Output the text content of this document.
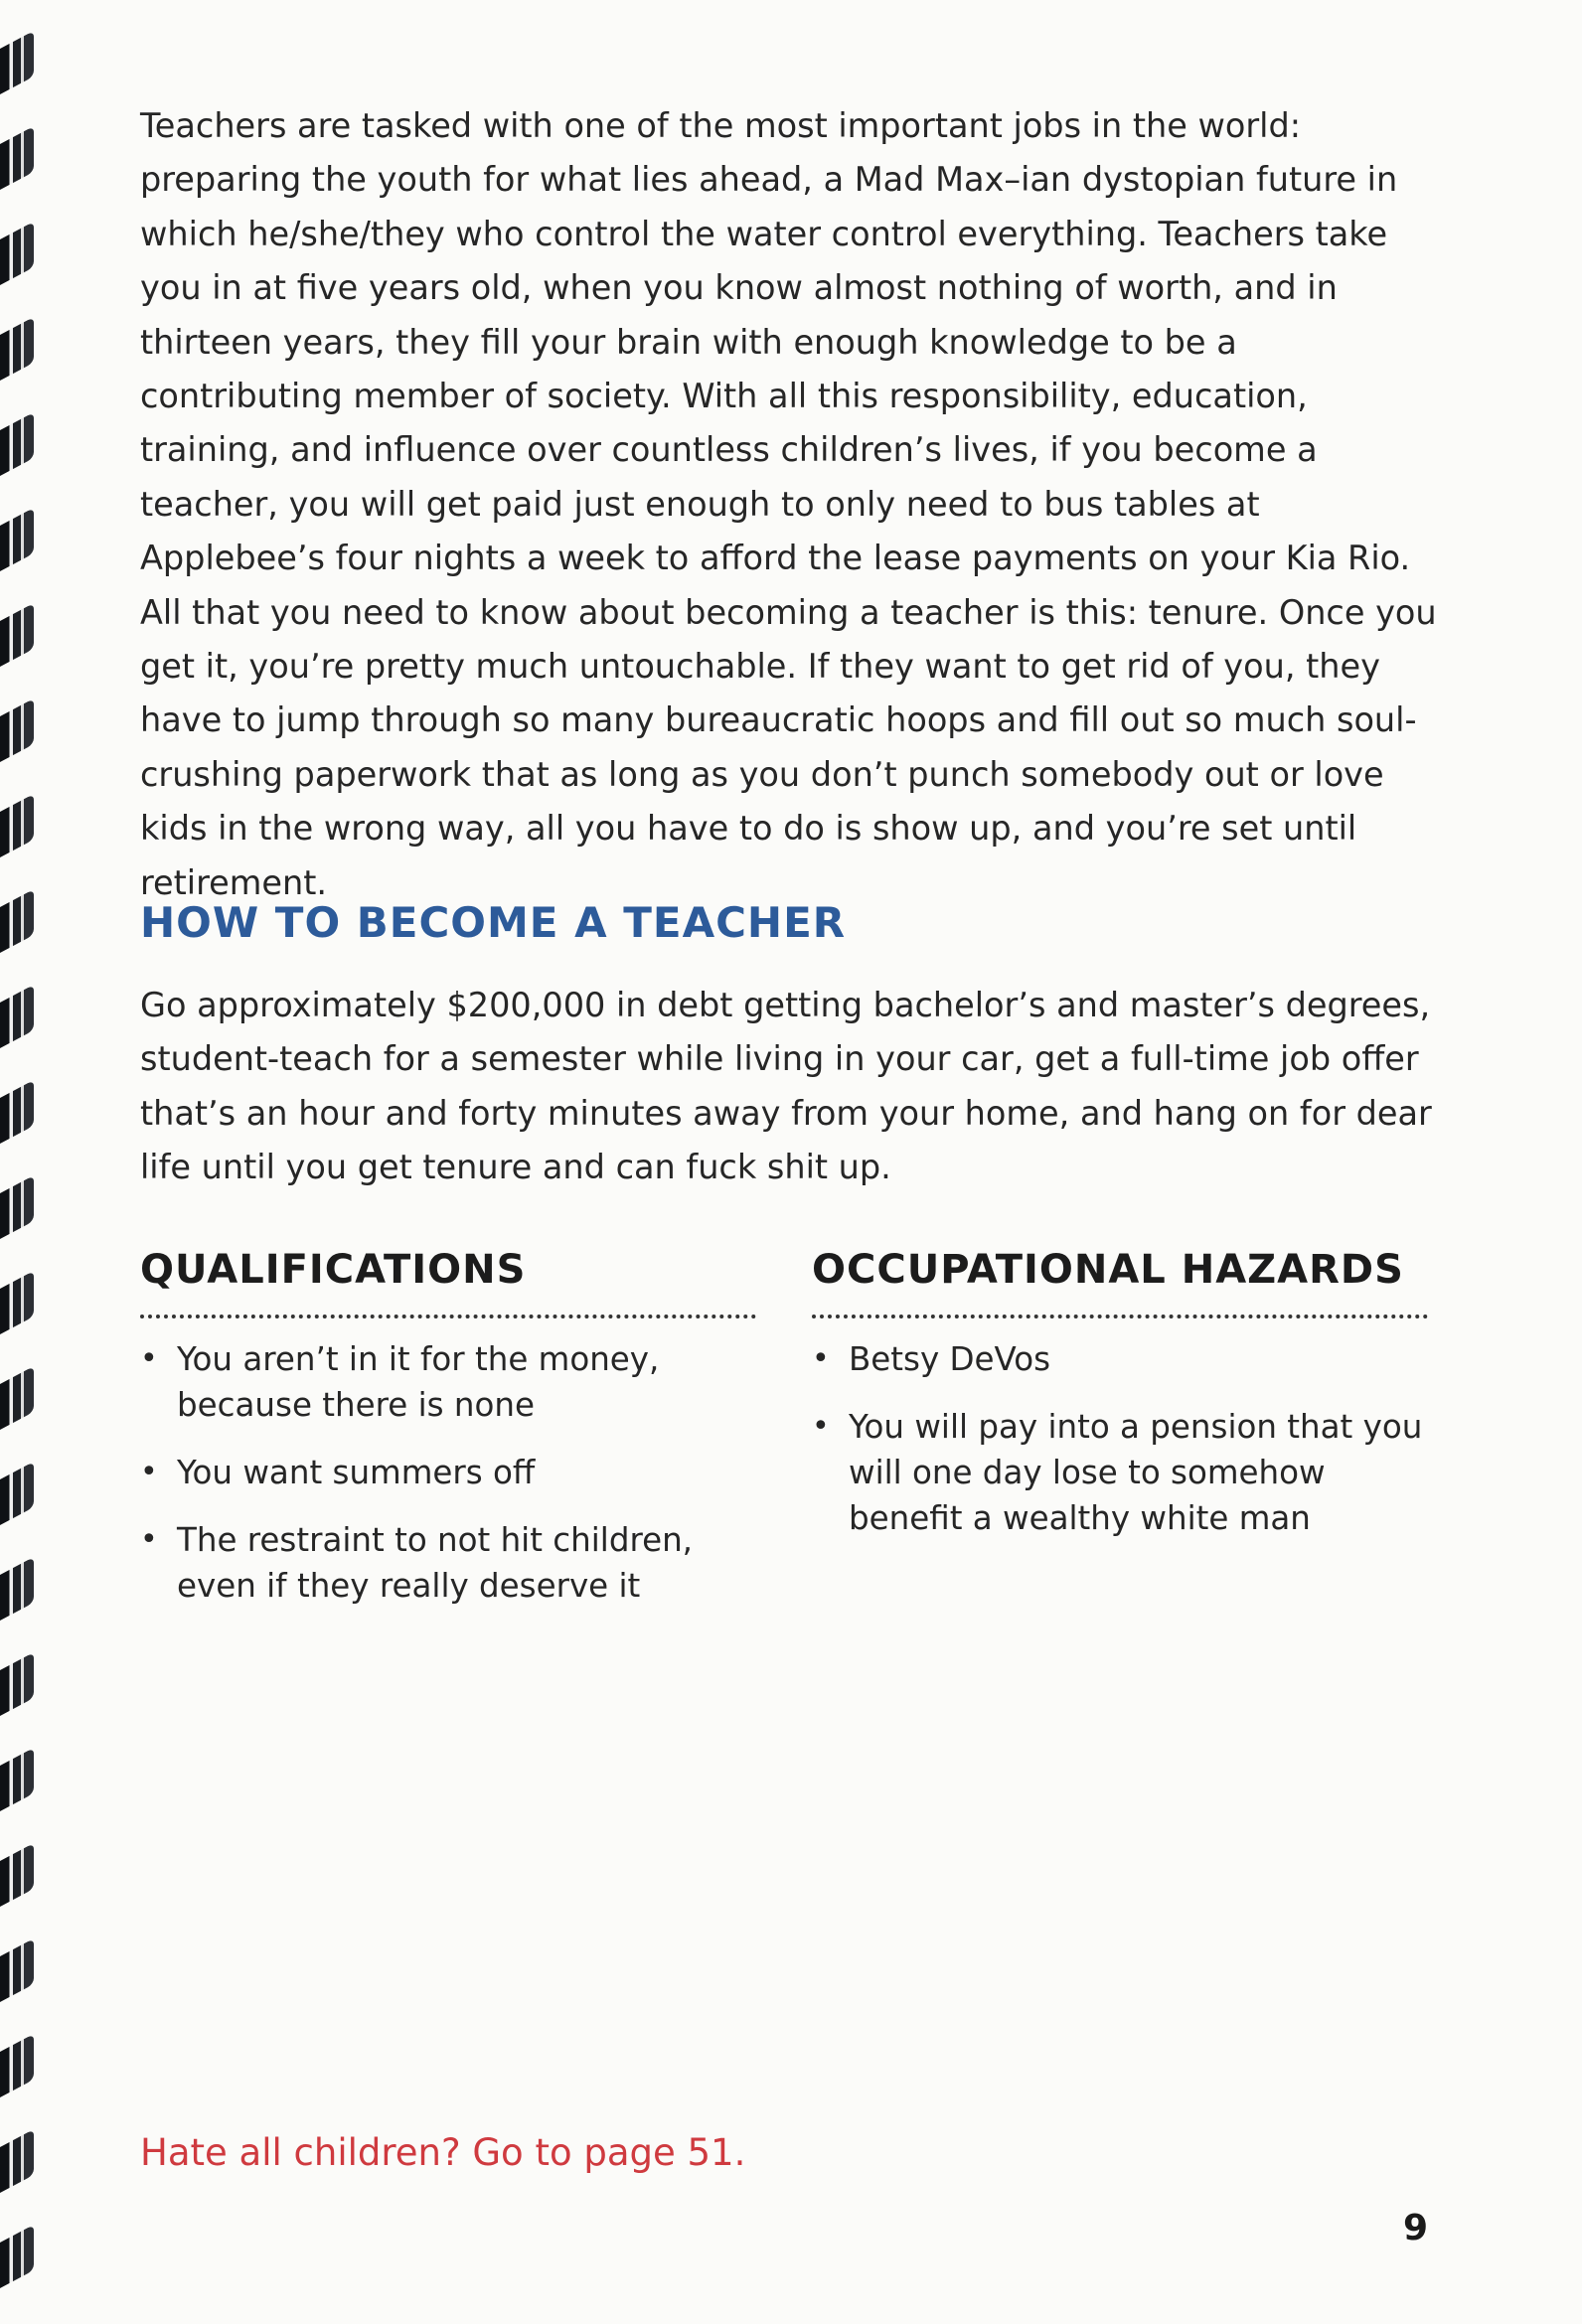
Teachers are tasked with one of the most important jobs in the world: preparing the youth for what lies ahead, a Mad Max–ian dystopian future in which he/she/they who control the water control everything. Teachers take you in at five years old, when you know almost nothing of worth, and in thirteen years, they fill your brain with enough knowledge to be a contributing member of society. With all this responsibility, education, training, and influence over countless children’s lives, if you become a teacher, you will get paid just enough to only need to bus tables at Applebee’s four nights a week to afford the lease payments on your Kia Rio. All that you need to know about becoming a teacher is this: tenure. Once you get it, you’re pretty much untouchable. If they want to get rid of you, they have to jump through so many bureaucratic hoops and fill out so much soul-crushing paperwork that as long as you don’t punch somebody out or love kids in the wrong way, all you have to do is show up, and you’re set until retirement.

HOW TO BECOME A TEACHER

Go approximately $200,000 in debt getting bachelor’s and master’s degrees, student-teach for a semester while living in your car, get a full-time job offer that’s an hour and forty minutes away from your home, and hang on for dear life until you get tenure and can fuck shit up.

QUALIFICATIONS
• You aren’t in it for the money, because there is none
• You want summers off
• The restraint to not hit children, even if they really deserve it
OCCUPATIONAL HAZARDS
• Betsy DeVos
• You will pay into a pension that you will one day lose to somehow benefit a wealthy white man

Hate all children? Go to page 51.

9
